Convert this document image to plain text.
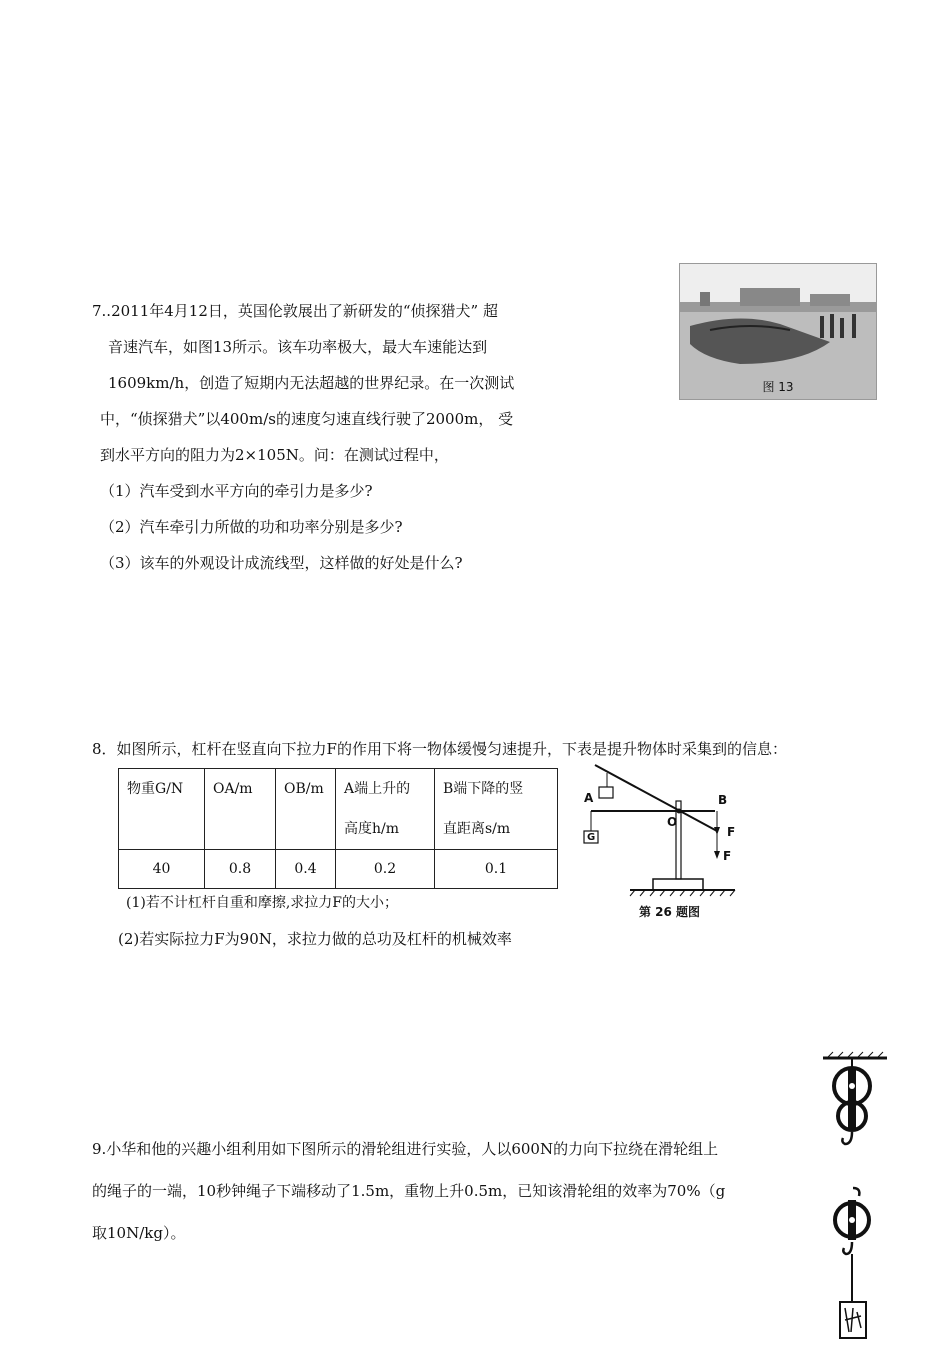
7..2011年4月12日，英国伦敦展出了新研发的“侦探猎犬” 超
音速汽车，如图13所示。该车功率极大，最大车速能达到
1609km/h，创造了短期内无法超越的世界纪录。在一次测试
中，“侦探猎犬”以400m/s的速度匀速直线行驶了2000m， 受
到水平方向的阻力为2×105N。问：在测试过程中，
（1）汽车受到水平方向的牵引力是多少?
（2）汽车牵引力所做的功和功率分别是多少?
（3）该车的外观设计成流线型，这样做的好处是什么?
图 13
8．如图所示，杠杆在竖直向下拉力F的作用下将一物体缓慢匀速提升，下表是提升物体时采集到的信息：
物重G/N	OA/m	OB/m	A端上升的	B端下降的竖
			高度h/m	直距离s/m
40	0.8	0.4	0.2	0.1
(1)若不计杠杆自重和摩擦,求拉力F的大小；
(2)若实际拉力F为90N，求拉力做的总功及杠杆的机械效率
A
G
O
B
F
F
第 26 题图
9.小华和他的兴趣小组利用如下图所示的滑轮组进行实验，人以600N的力向下拉绕在滑轮组上
的绳子的一端，10秒钟绳子下端移动了1.5m，重物上升0.5m，已知该滑轮组的效率为70%（g
取10N/kg）。
